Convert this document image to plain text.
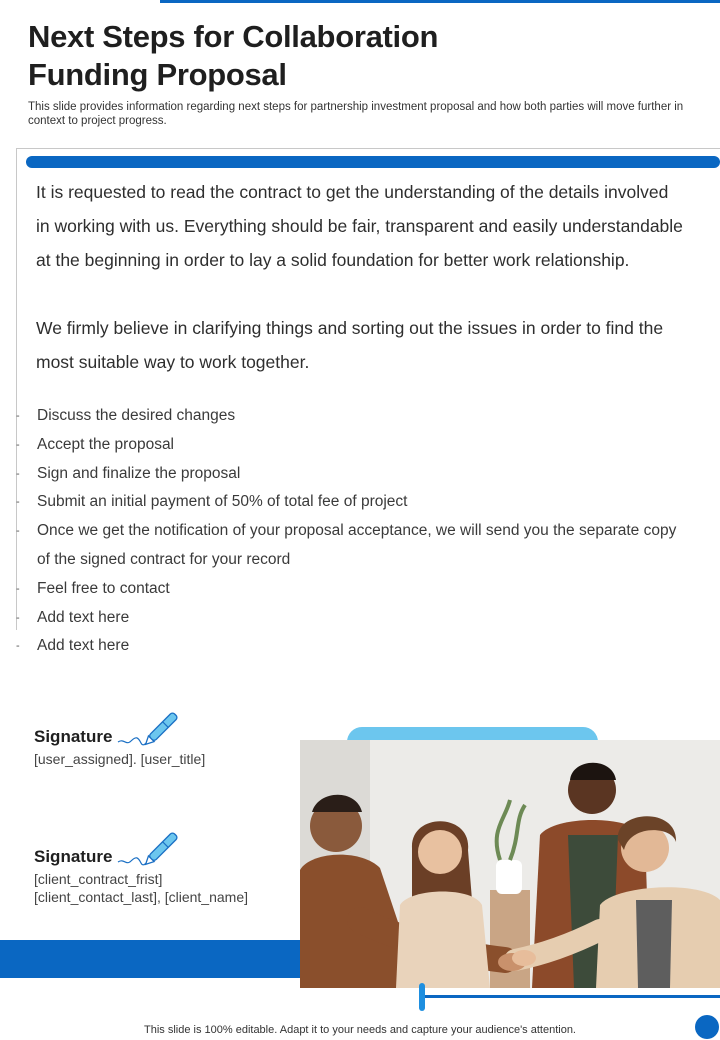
Next Steps for Collaboration
Funding Proposal

This slide provides information regarding next steps for partnership investment proposal and how both parties will move further in context to project progress.

It is requested to read the contract to get the understanding of the details involved in working with us. Everything should be fair, transparent and easily understandable at the beginning in order to lay a solid foundation for better work relationship.

We firmly believe in clarifying things and sorting out the issues in order to find the most suitable way to work together.

- Discuss the desired changes
- Accept the proposal
- Sign and finalize the proposal
- Submit an initial payment of 50% of total fee of project
- Once we get the notification of your proposal acceptance, we will send you the separate copy of the signed contract for your record
- Feel free to contact
- Add text here
- Add text here
Signature
[user_assigned]. [user_title]
Signature
[client_contract_frist]
[client_contact_last], [client_name]

This slide is 100% editable. Adapt it to your needs and capture your audience's attention.
